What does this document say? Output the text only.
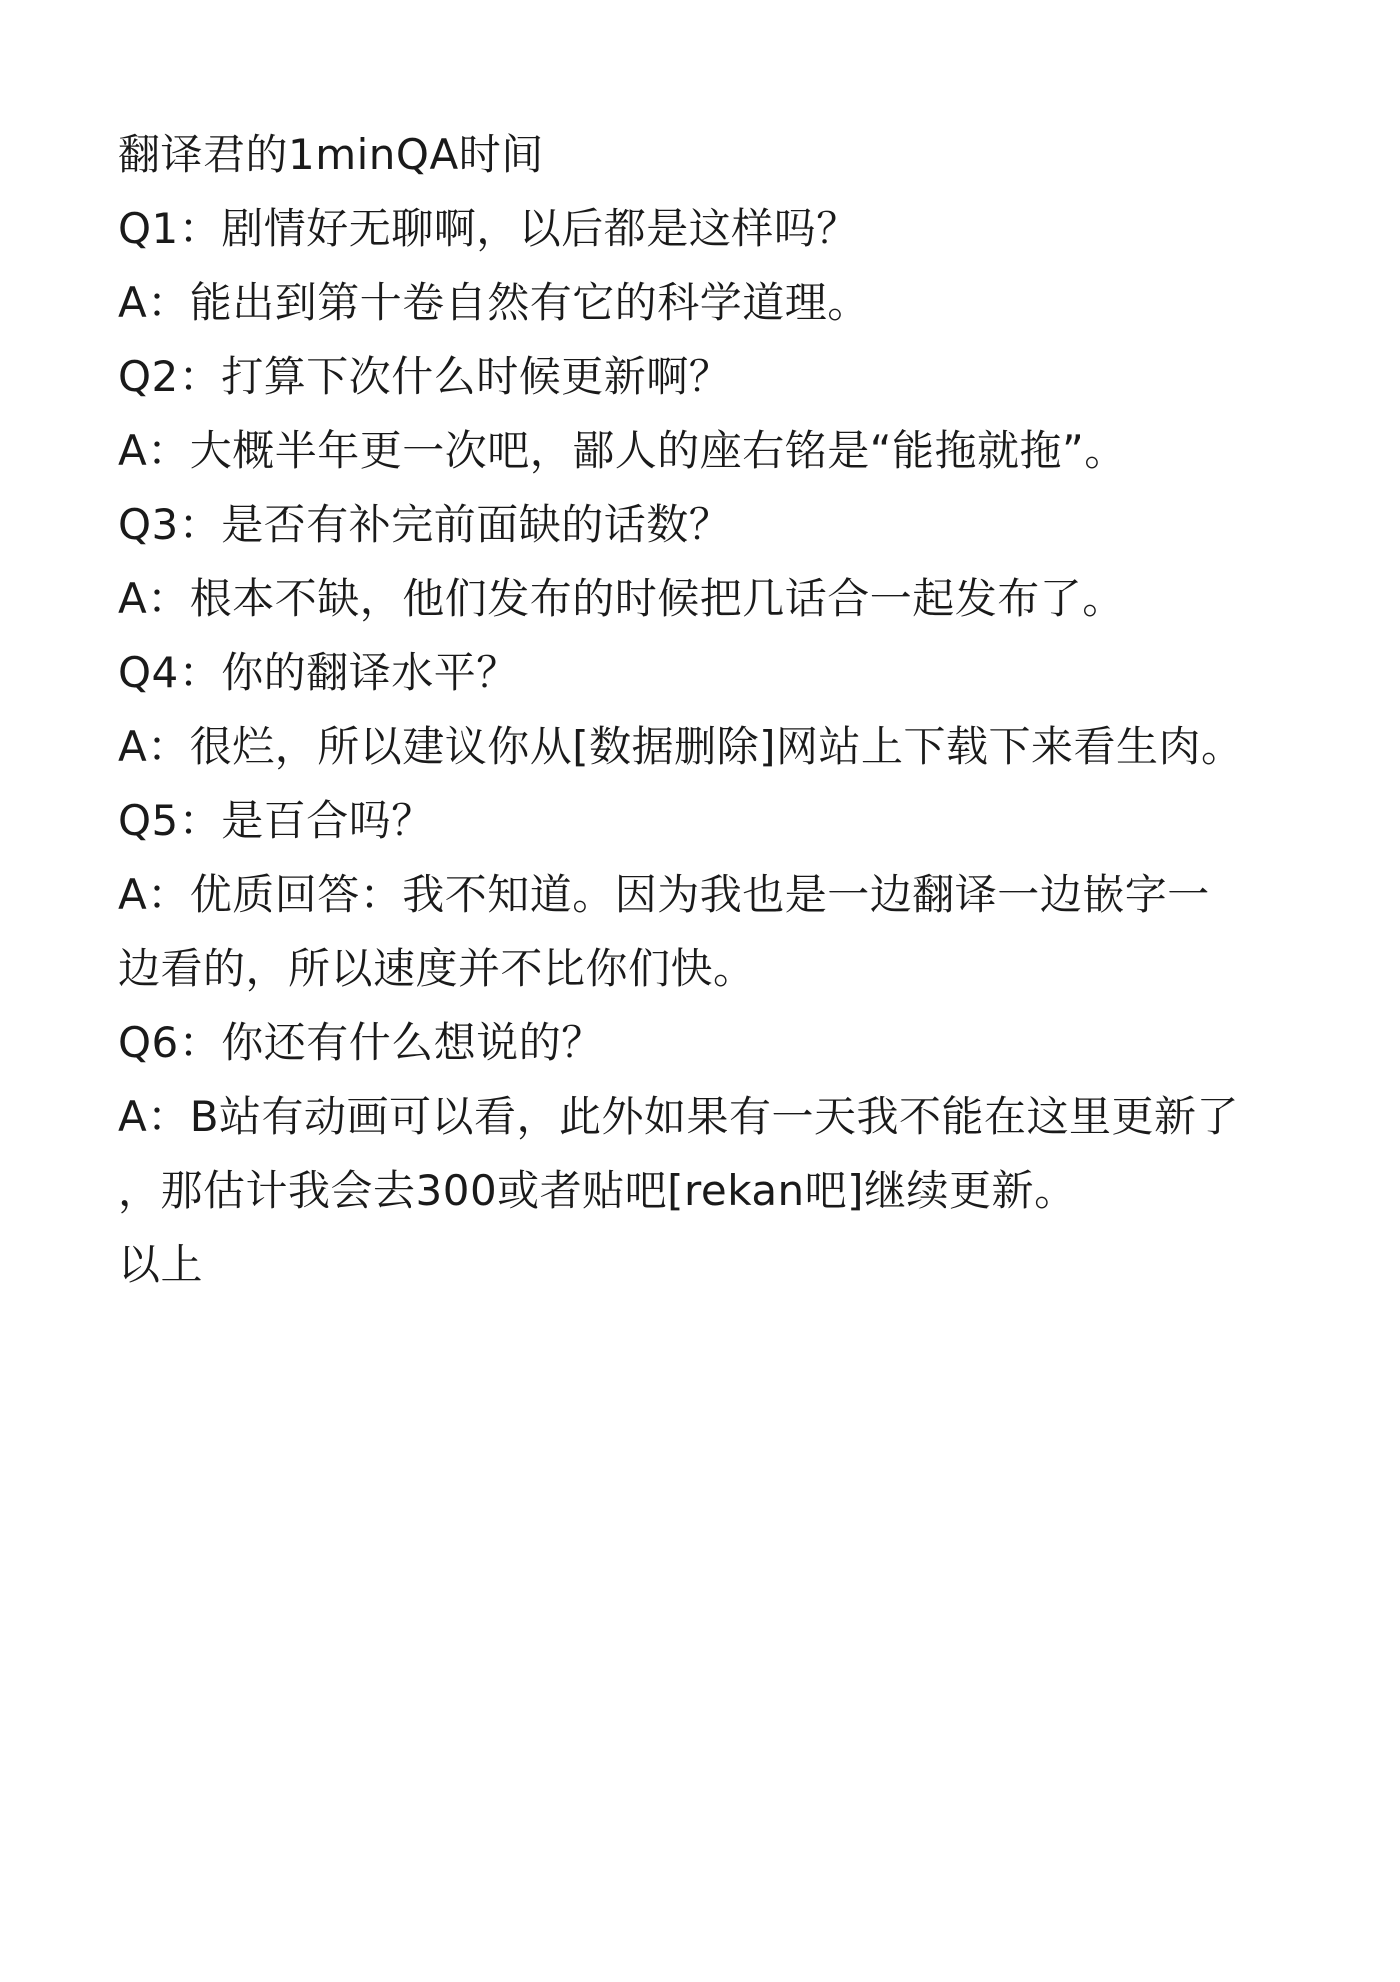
翻译君的1minQA时间
Q1：剧情好无聊啊，以后都是这样吗？
A：能出到第十卷自然有它的科学道理。
Q2：打算下次什么时候更新啊？
A：大概半年更一次吧，鄙人的座右铭是“能拖就拖”。
Q3：是否有补完前面缺的话数？
A：根本不缺，他们发布的时候把几话合一起发布了。
Q4：你的翻译水平？
A：很烂，所以建议你从[数据删除]网站上下载下来看生肉。
Q5：是百合吗？
A：优质回答：我不知道。因为我也是一边翻译一边嵌字一
边看的，所以速度并不比你们快。
Q6：你还有什么想说的？
A：B站有动画可以看，此外如果有一天我不能在这里更新了
，那估计我会去300或者贴吧[rekan吧]继续更新。
以上
